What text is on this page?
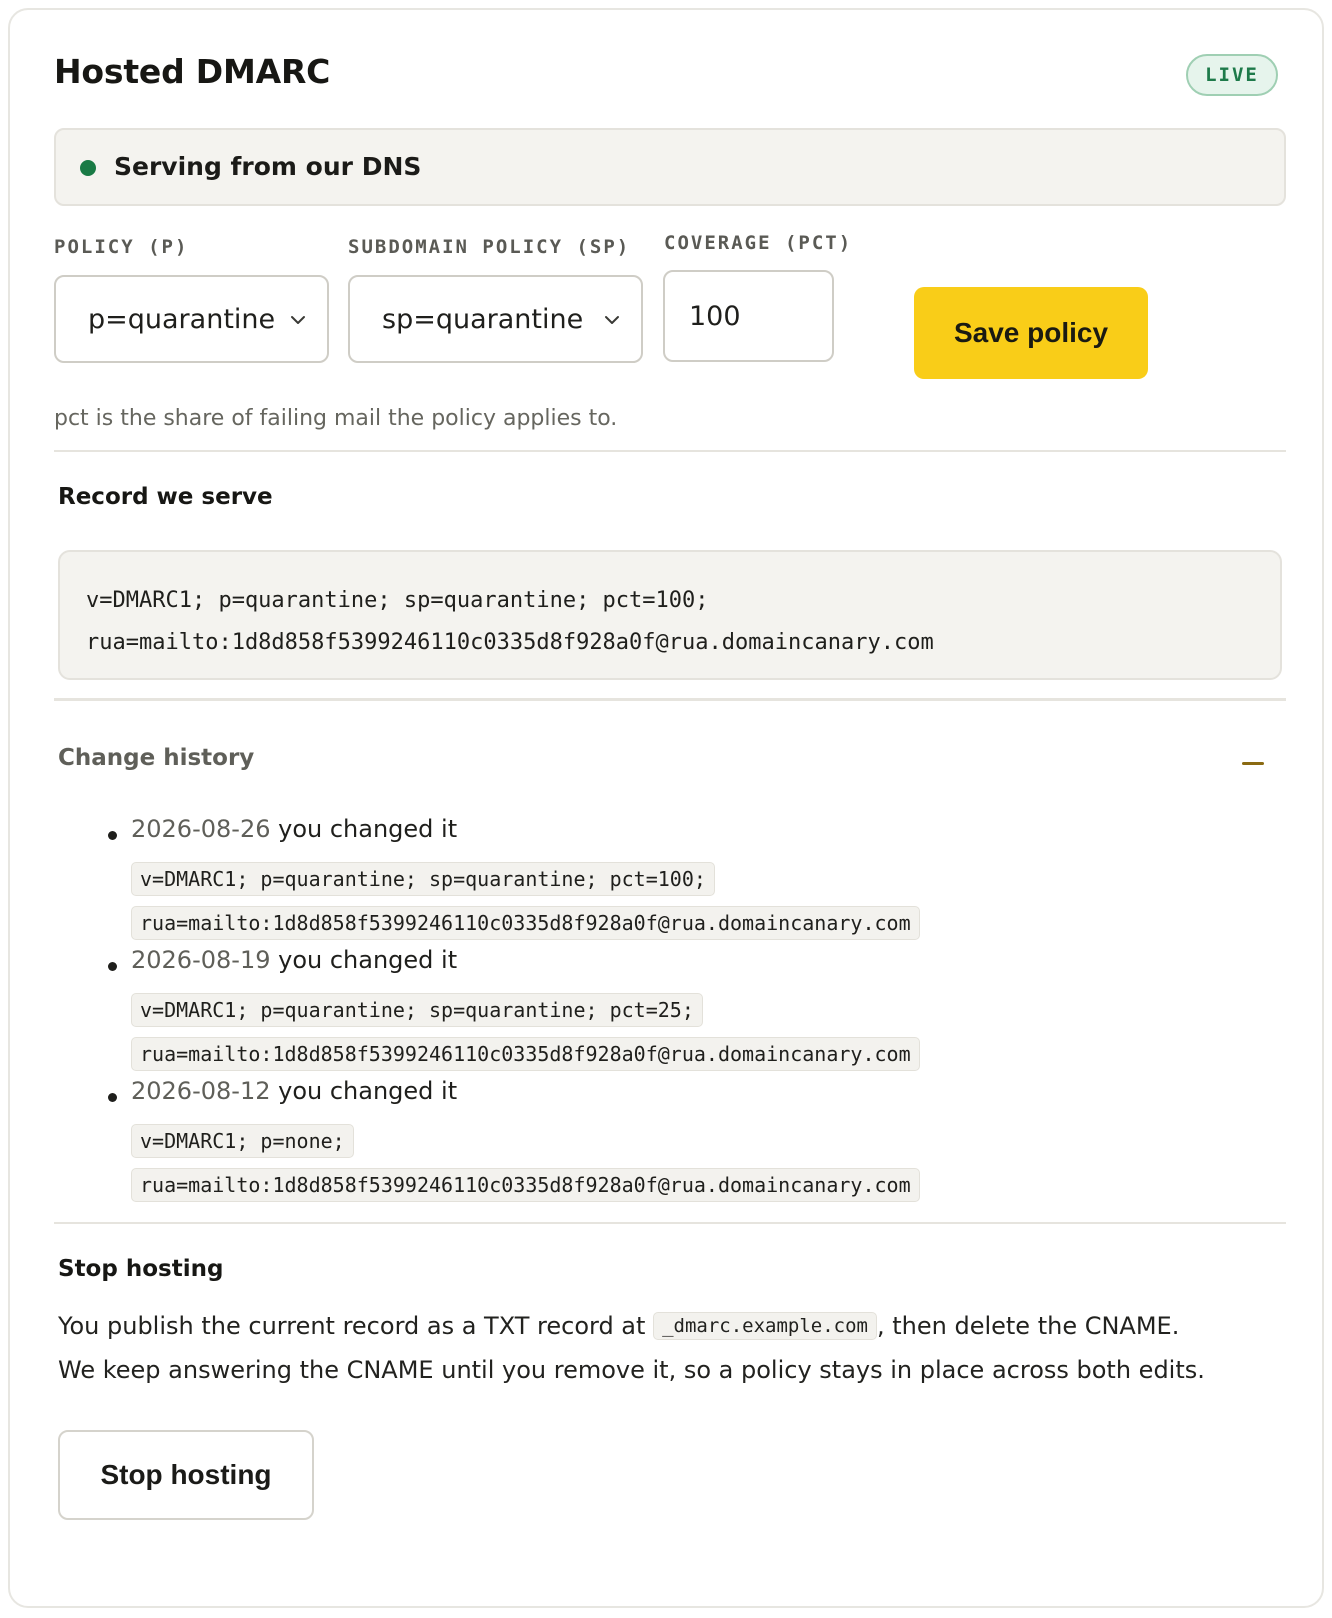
Hosted DMARC	LIVE
Serving from our DNS
POLICY (P)
p=quarantine
SUBDOMAIN POLICY (SP)
sp=quarantine
COVERAGE (PCT)
100
Save policy
pct is the share of failing mail the policy applies to.
Record we serve
v=DMARC1; p=quarantine; sp=quarantine; pct=100;
rua=mailto:1d8d858f5399246110c0335d8f928a0f@rua.domaincanary.com
Change history
2026-08-26 you changed it
v=DMARC1; p=quarantine; sp=quarantine; pct=100;
rua=mailto:1d8d858f5399246110c0335d8f928a0f@rua.domaincanary.com
2026-08-19 you changed it
v=DMARC1; p=quarantine; sp=quarantine; pct=25;
rua=mailto:1d8d858f5399246110c0335d8f928a0f@rua.domaincanary.com
2026-08-12 you changed it
v=DMARC1; p=none;
rua=mailto:1d8d858f5399246110c0335d8f928a0f@rua.domaincanary.com
Stop hosting
You publish the current record as a TXT record at _dmarc.example.com , then delete the CNAME.
We keep answering the CNAME until you remove it, so a policy stays in place across both edits.
Stop hosting
